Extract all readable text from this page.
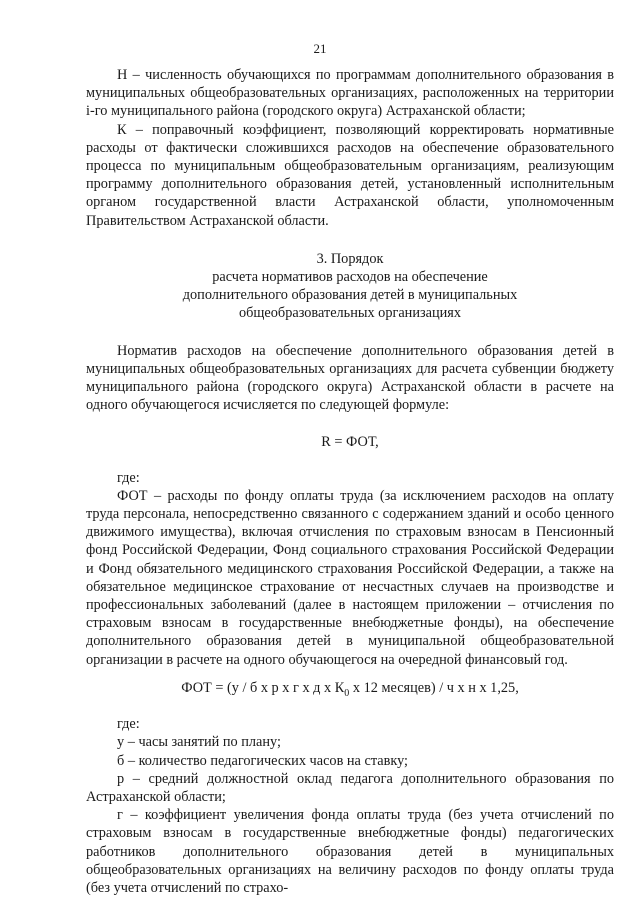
21

Н – численность обучающихся по программам дополнительного образования в муниципальных общеобразовательных организациях, расположенных на территории i-го муниципального района (городского округа) Астраханской области;

К – поправочный коэффициент, позволяющий корректировать нормативные расходы от фактически сложившихся расходов на обеспечение образовательного процесса по муниципальным общеобразовательным организациям, реализующим программу дополнительного образования детей, установленный исполнительным органом государственной власти Астраханской области, уполномоченным Правительством Астраханской области.

3. Порядок

расчета нормативов расходов на обеспечение

дополнительного образования детей в муниципальных

общеобразовательных организациях

Норматив расходов на обеспечение дополнительного образования детей в муниципальных общеобразовательных организациях для расчета субвенции бюджету муниципального района (городского округа) Астраханской области в расчете на одного обучающегося исчисляется по следующей формуле:

R = ФОТ,

где:

ФОТ – расходы по фонду оплаты труда (за исключением расходов на оплату труда персонала, непосредственно связанного с содержанием зданий и особо ценного движимого имущества), включая отчисления по страховым взносам в Пенсионный фонд Российской Федерации, Фонд социального страхования Российской Федерации и Фонд обязательного медицинского страхования Российской Федерации, а также на обязательное медицинское страхование от несчастных случаев на производстве и профессиональных заболеваний (далее в настоящем приложении – отчисления по страховым взносам в государственные внебюджетные фонды), на обеспечение дополнительного образования детей в муниципальной общеобразовательной организации в расчете на одного обучающегося на очередной финансовый год.

ФОТ = (у / б х р х г х д х $К_0$ х 12 месяцев) / ч х н х 1,25,

где:

у – часы занятий по плану;

б – количество педагогических часов на ставку;

р – средний должностной оклад педагога дополнительного образования по Астраханской области;

г – коэффициент увеличения фонда оплаты труда (без учета отчислений по страховым взносам в государственные внебюджетные фонды) педагогических работников дополнительного образования детей в муниципальных общеобразовательных организациях на величину расходов по фонду оплаты труда (без учета отчислений по страхо-
